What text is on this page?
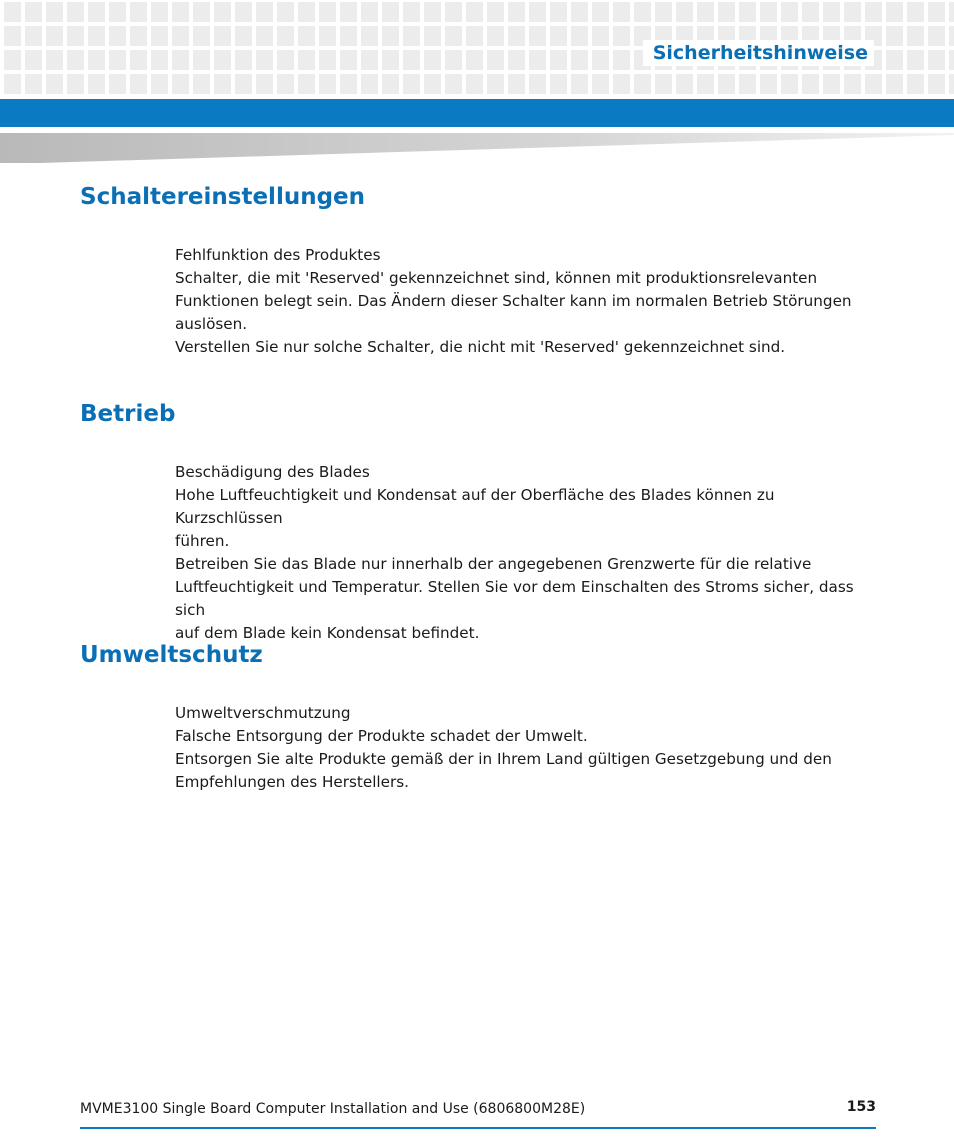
Sicherheitshinweise
Schaltereinstellungen
Fehlfunktion des Produktes
Schalter, die mit 'Reserved' gekennzeichnet sind, können mit produktionsrelevanten
Funktionen belegt sein. Das Ändern dieser Schalter kann im normalen Betrieb Störungen
auslösen.
Verstellen Sie nur solche Schalter, die nicht mit 'Reserved' gekennzeichnet sind.
Betrieb
Beschädigung des Blades
Hohe Luftfeuchtigkeit und Kondensat auf der Oberfläche des Blades können zu Kurzschlüssen
führen.
Betreiben Sie das Blade nur innerhalb der angegebenen Grenzwerte für die relative
Luftfeuchtigkeit und Temperatur. Stellen Sie vor dem Einschalten des Stroms sicher, dass sich
auf dem Blade kein Kondensat befindet.
Umweltschutz
Umweltverschmutzung
Falsche Entsorgung der Produkte schadet der Umwelt.
Entsorgen Sie alte Produkte gemäß der in Ihrem Land gültigen Gesetzgebung und den
Empfehlungen des Herstellers.
MVME3100 Single Board Computer Installation and Use (6806800M28E)	153
